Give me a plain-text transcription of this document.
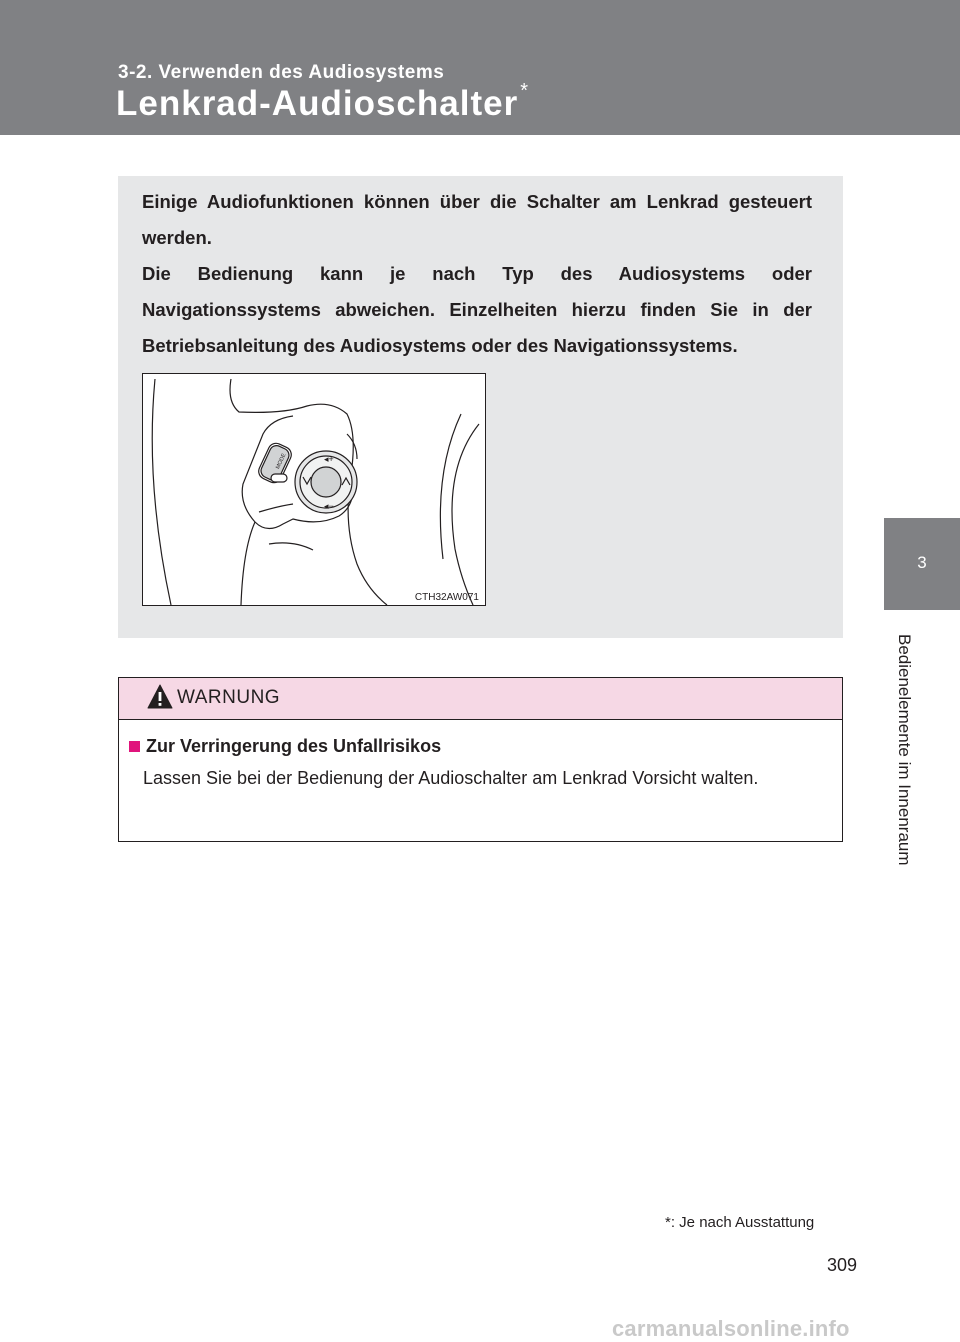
3-2. Verwenden des Audiosystems
Lenkrad-Audioschalter *
3
Bedienelemente im Innenraum

Einige Audiofunktionen können über die Schalter am Lenkrad gesteuert werden.

Die Bedienung kann je nach Typ des Audiosystems oder Navigationssystems abweichen. Einzelheiten hierzu finden Sie in der Betriebsanleitung des Audiosystems oder des Navigationssystems.

◂+
◂−
MODE
CTH32AW071
WARNUNG
Zur Verringerung des Unfallrisikos

Lassen Sie bei der Bedienung der Audioschalter am Lenkrad Vorsicht walten.

*: Je nach Ausstattung
309
carmanualsonline.info
